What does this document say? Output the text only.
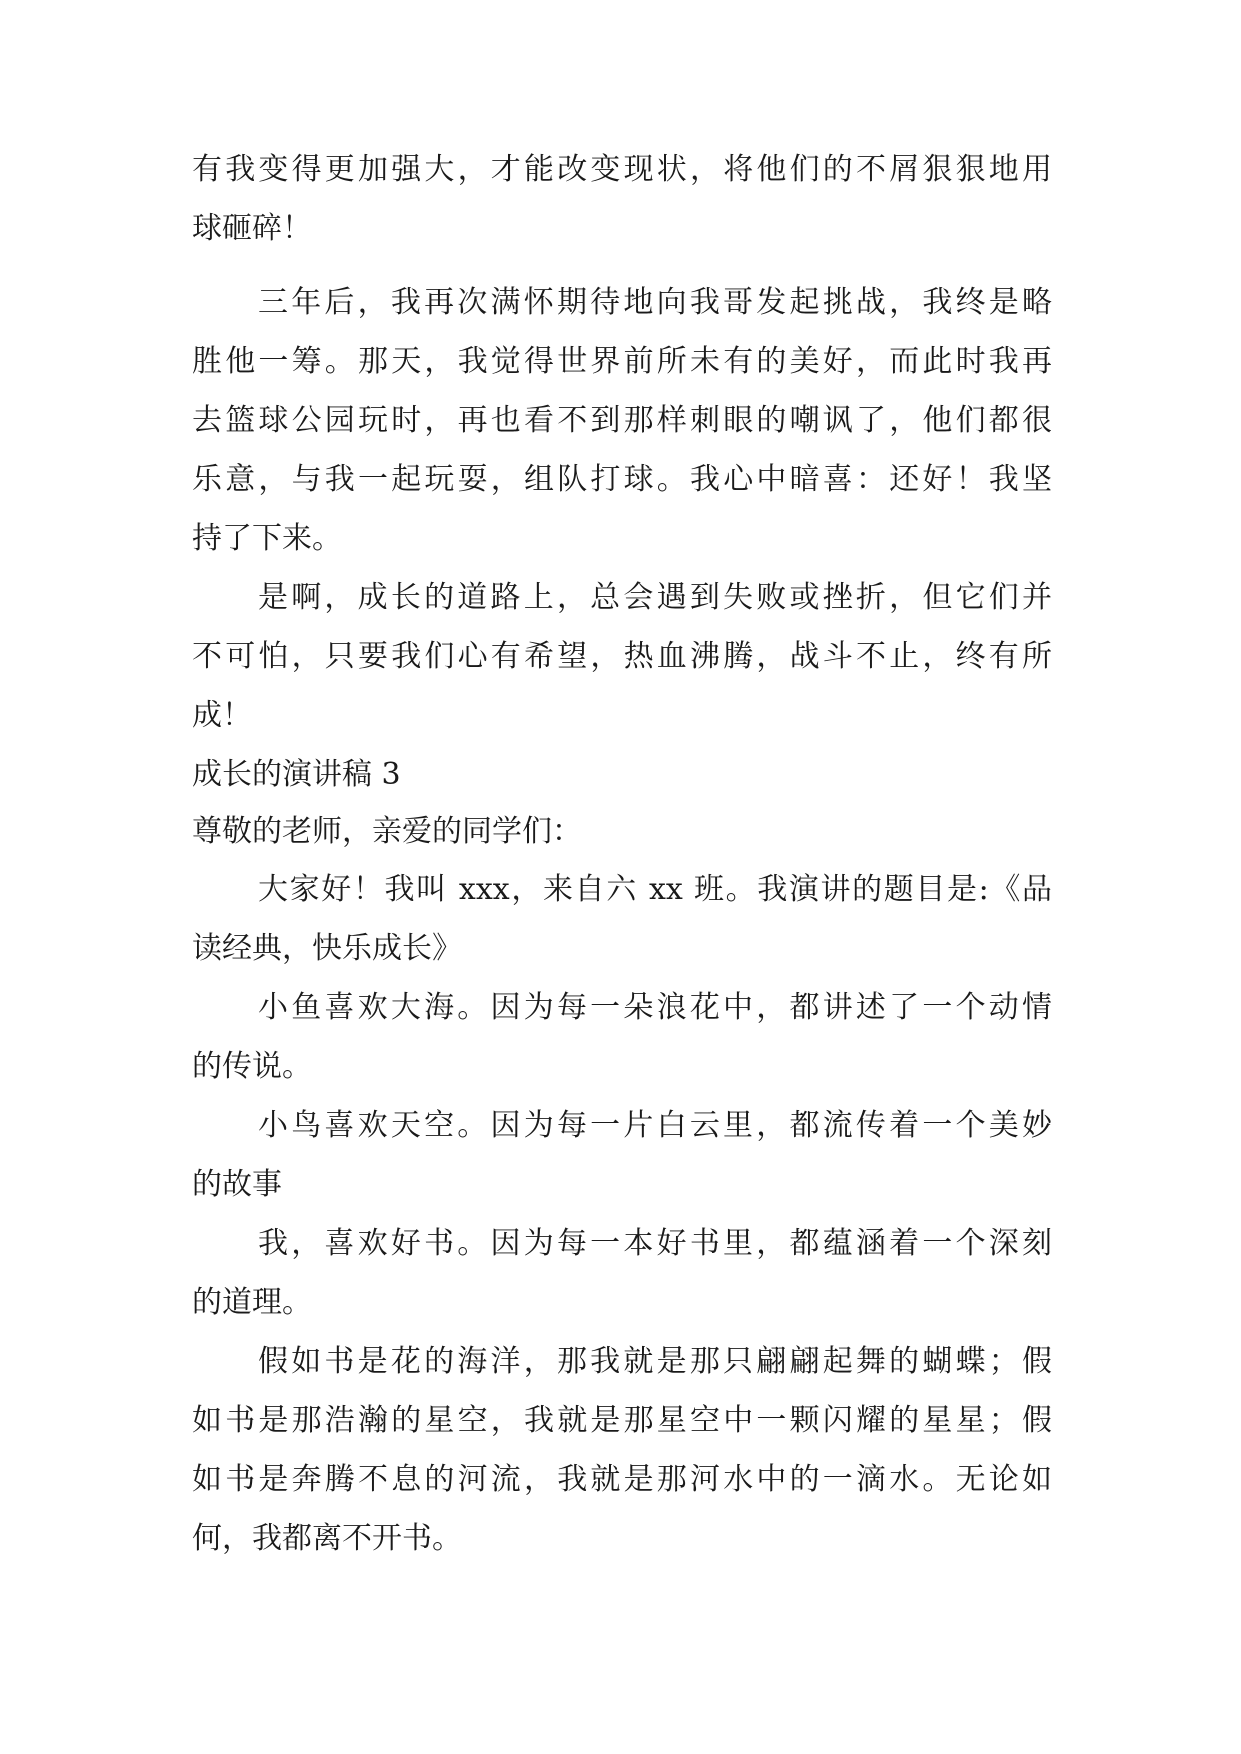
有我变得更加强大，才能改变现状，将他们的不屑狠狠地用
球砸碎！
三年后，我再次满怀期待地向我哥发起挑战，我终是略
胜他一筹。那天，我觉得世界前所未有的美好，而此时我再
去篮球公园玩时，再也看不到那样刺眼的嘲讽了，他们都很
乐意，与我一起玩耍，组队打球。我心中暗喜：还好！我坚
持了下来。
是啊，成长的道路上，总会遇到失败或挫折，但它们并
不可怕，只要我们心有希望，热血沸腾，战斗不止，终有所
成！
成长的演讲稿 3
尊敬的老师，亲爱的同学们：
大家好！我叫 xxx，来自六 xx 班。我演讲的题目是:《品
读经典，快乐成长》
小鱼喜欢大海。因为每一朵浪花中，都讲述了一个动情
的传说。
小鸟喜欢天空。因为每一片白云里，都流传着一个美妙
的故事
我，喜欢好书。因为每一本好书里，都蕴涵着一个深刻
的道理。
假如书是花的海洋，那我就是那只翩翩起舞的蝴蝶；假
如书是那浩瀚的星空，我就是那星空中一颗闪耀的星星；假
如书是奔腾不息的河流，我就是那河水中的一滴水。无论如
何，我都离不开书。
